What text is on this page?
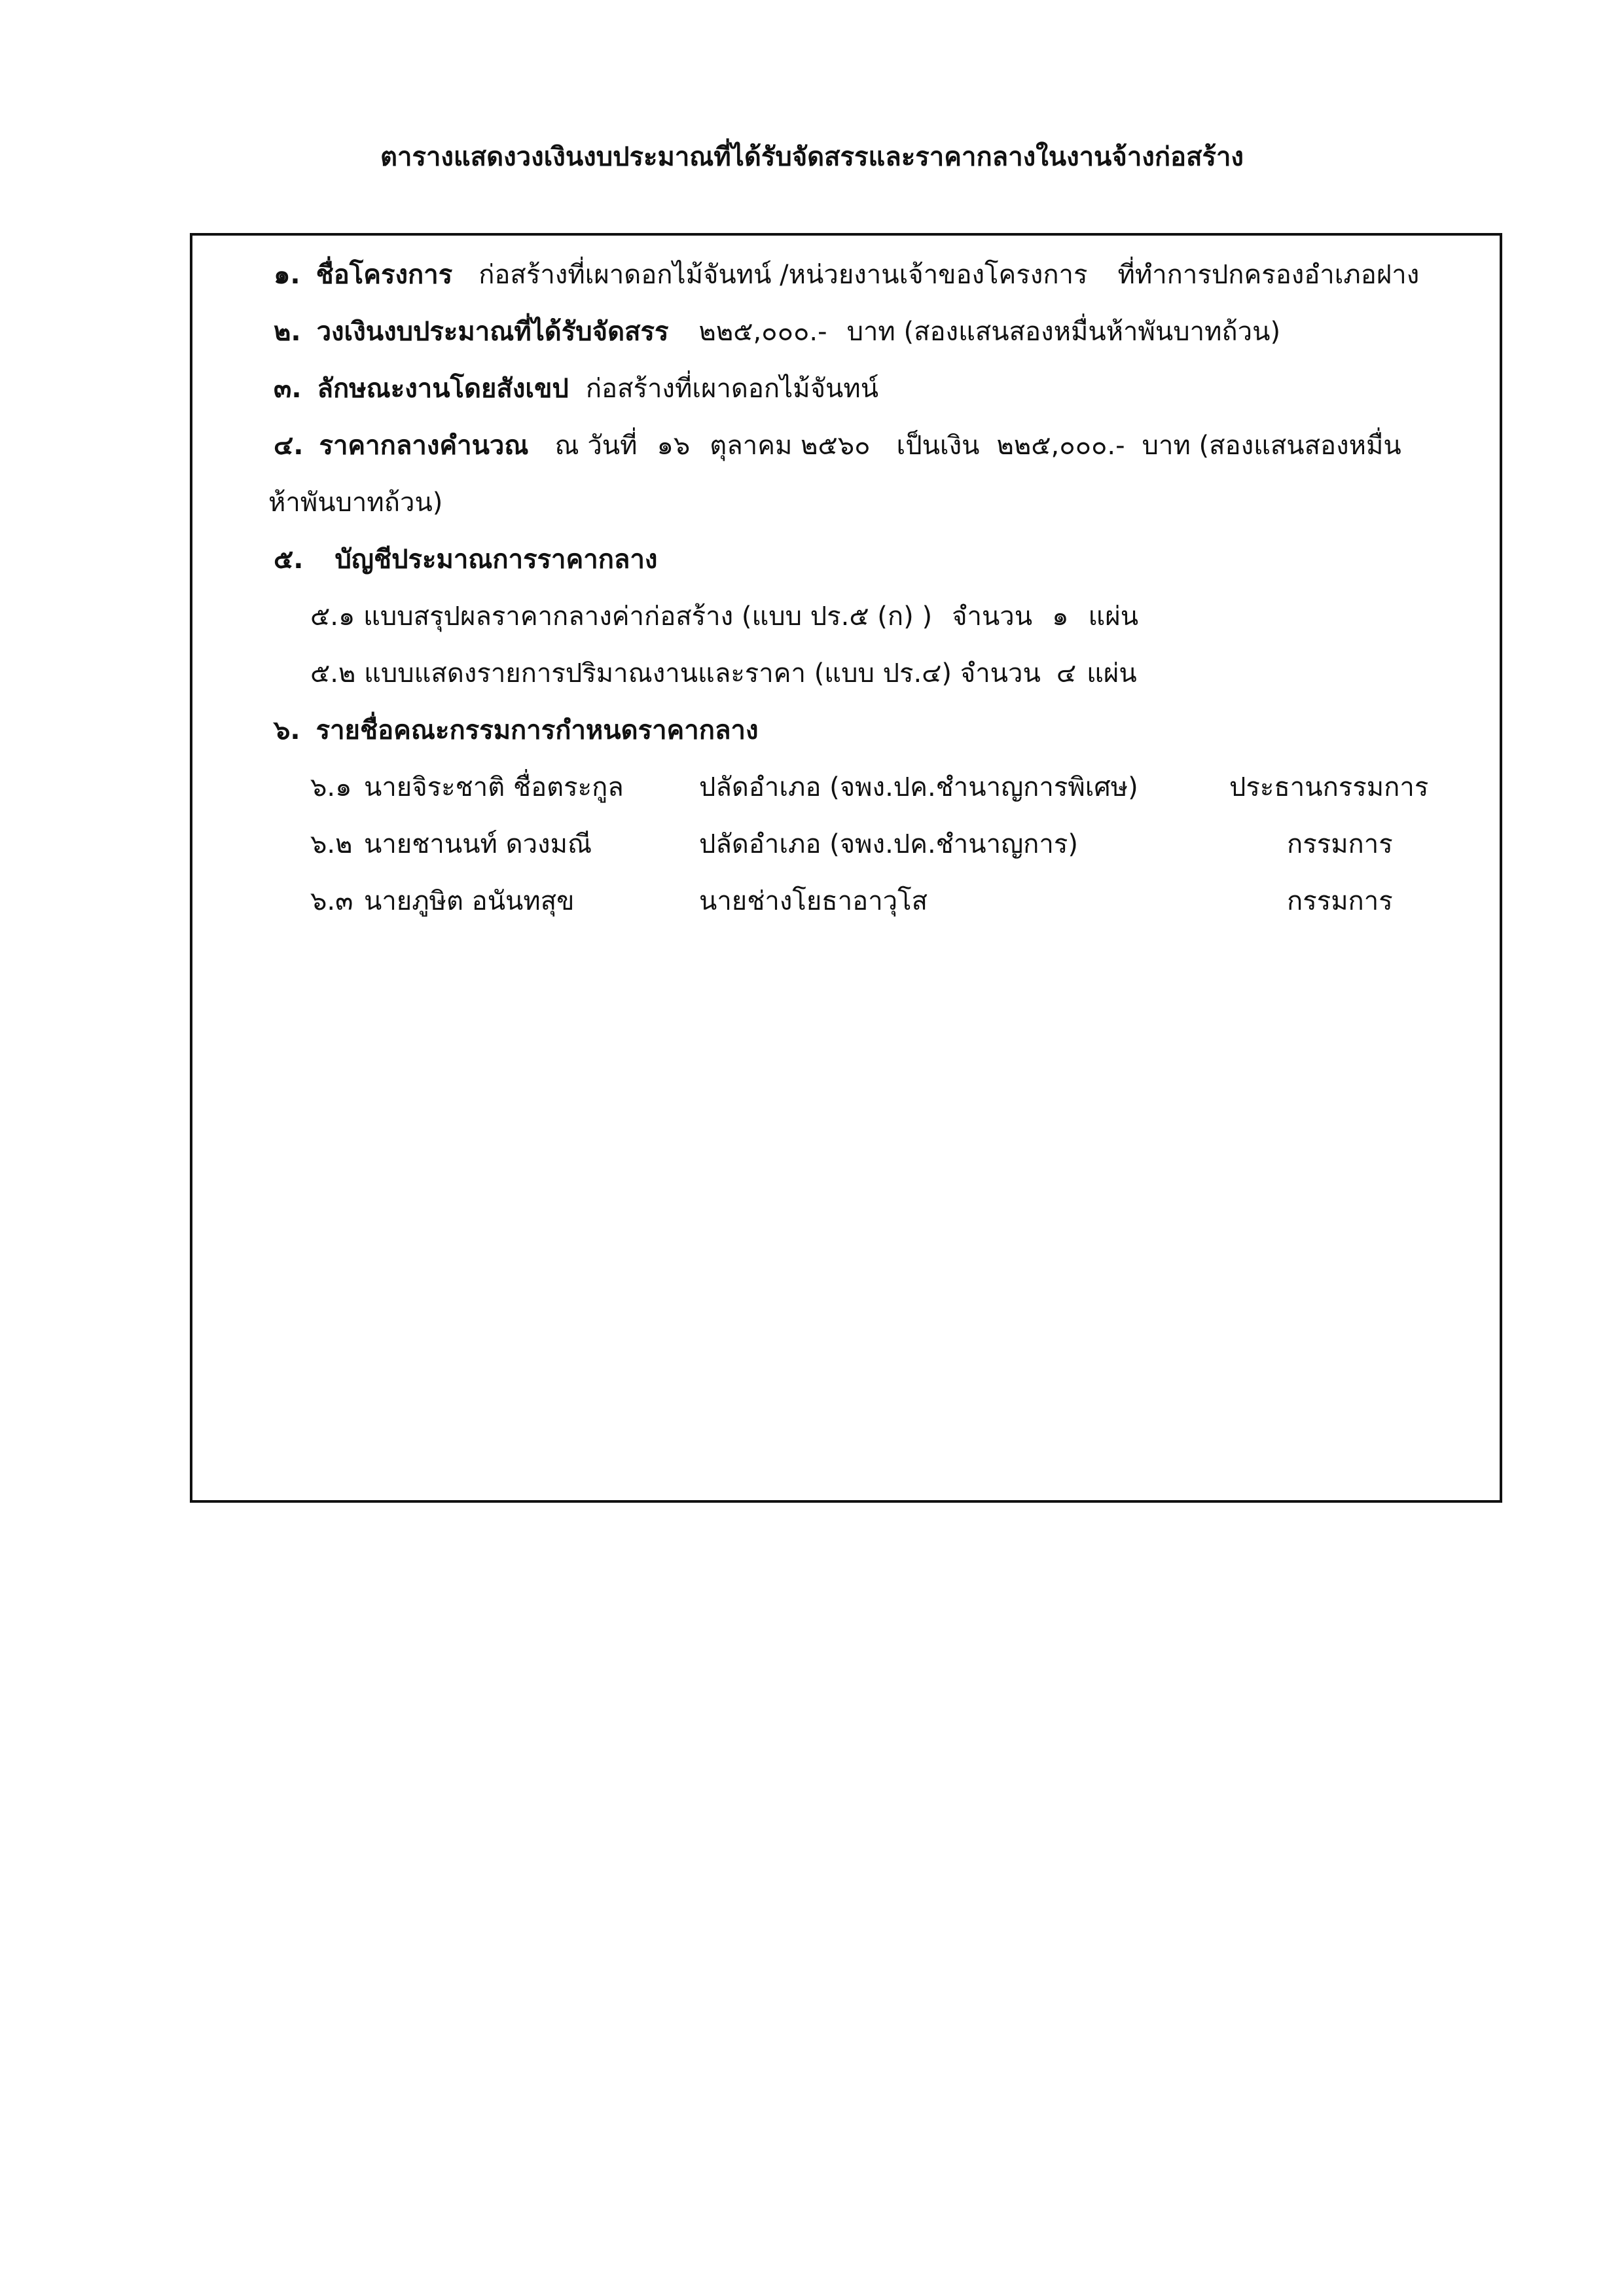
ตารางแสดงวงเงินงบประมาณที่ได้รับจัดสรรและราคากลางในงานจ้างก่อสร้าง
๑. ชื่อโครงการ ก่อสร้างที่เผาดอกไม้จันทน์ /หน่วยงานเจ้าของโครงการ ที่ทำการปกครองอำเภอฝาง
๒. วงเงินงบประมาณที่ได้รับจัดสรร ๒๒๕,๐๐๐.- บาท (สองแสนสองหมื่นห้าพันบาทถ้วน)
๓. ลักษณะงานโดยสังเขป ก่อสร้างที่เผาดอกไม้จันทน์
๔. ราคากลางคำนวณ ณ วันที่ ๑๖ ตุลาคม ๒๕๖๐ เป็นเงิน ๒๒๕,๐๐๐.- บาท (สองแสนสองหมื่น
ห้าพันบาทถ้วน)
๕. บัญชีประมาณการราคากลาง
๕.๑ แบบสรุปผลราคากลางค่าก่อสร้าง (แบบ ปร.๕ (ก) ) จำนวน ๑ แผ่น
๕.๒ แบบแสดงรายการปริมาณงานและราคา (แบบ ปร.๔) จำนวน ๔ แผ่น
๖. รายชื่อคณะกรรมการกำหนดราคากลาง
๖.๑ นายจิระชาติ ชื่อตระกูล	ปลัดอำเภอ (จพง.ปค.ชำนาญการพิเศษ)	ประธานกรรมการ
๖.๒ นายชานนท์ ดวงมณี	ปลัดอำเภอ (จพง.ปค.ชำนาญการ)	กรรมการ
๖.๓ นายภูษิต อนันทสุข	นายช่างโยธาอาวุโส	กรรมการ
